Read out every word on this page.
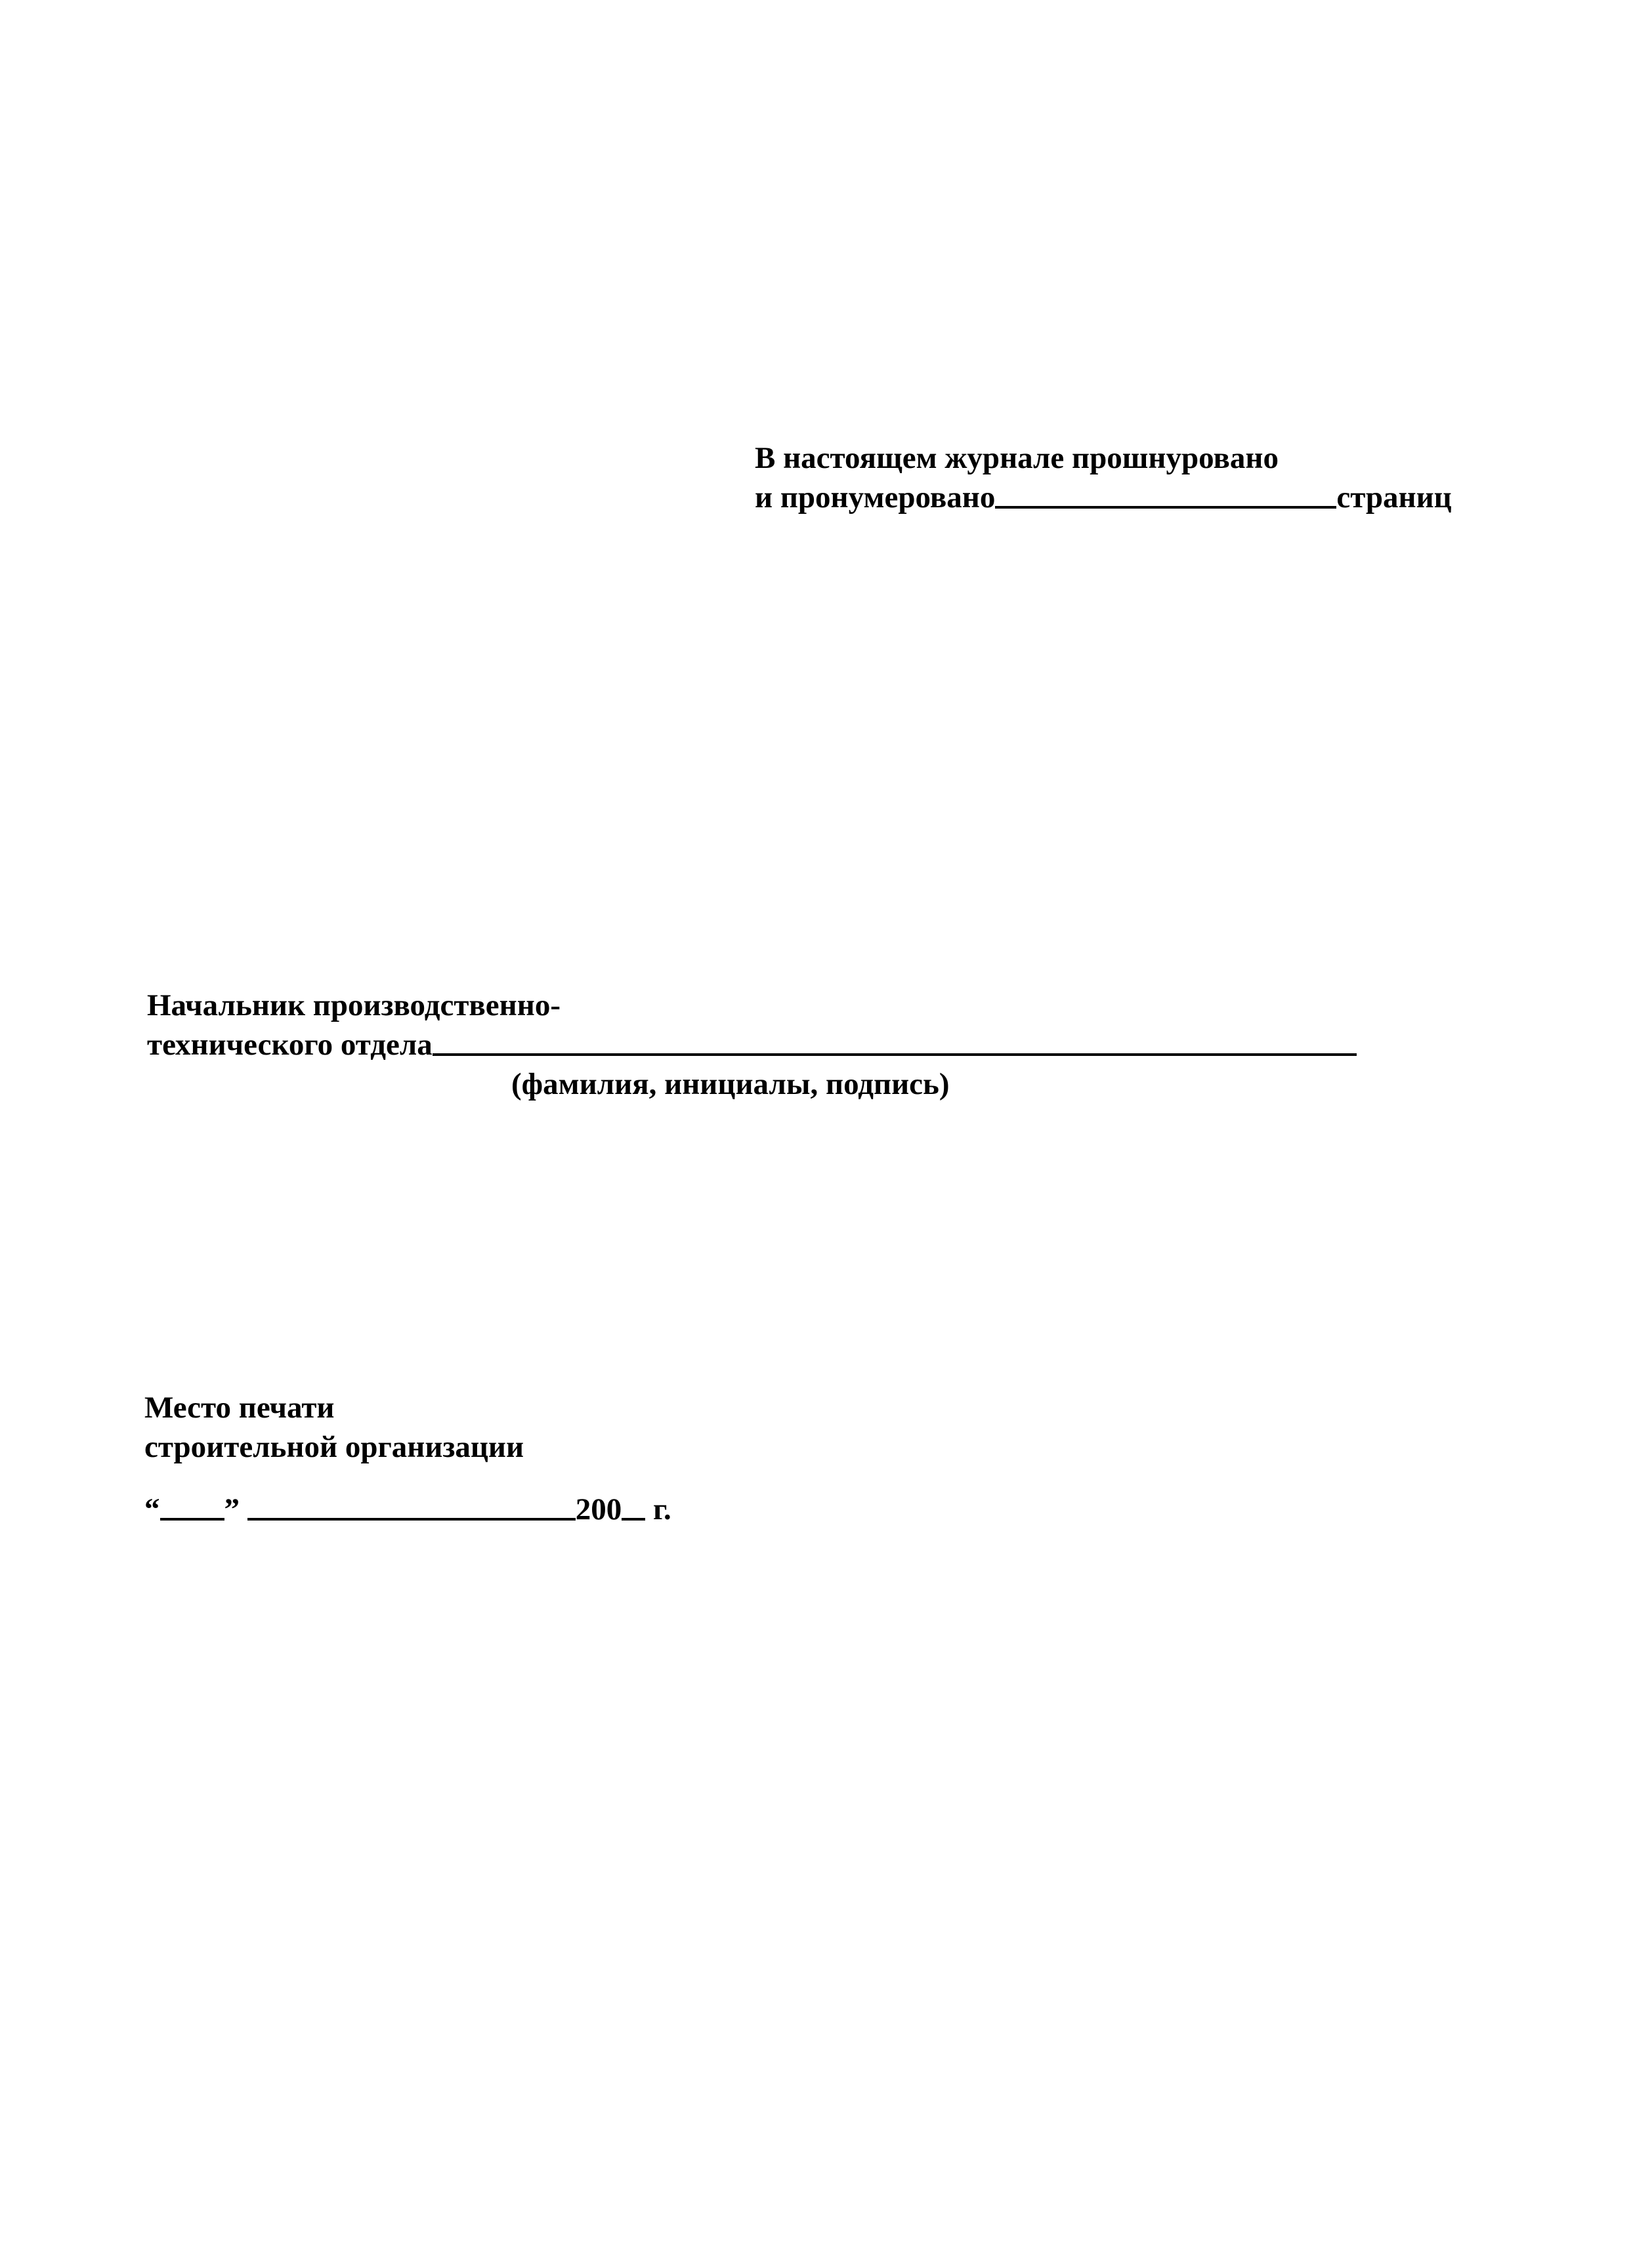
В настоящем журнале прошнуровано
и пронумеровано	страниц
Начальник производственно-
технического отдела
(фамилия, инициалы, подпись)
Место печати
строительной организации
“ ”	200 г.
